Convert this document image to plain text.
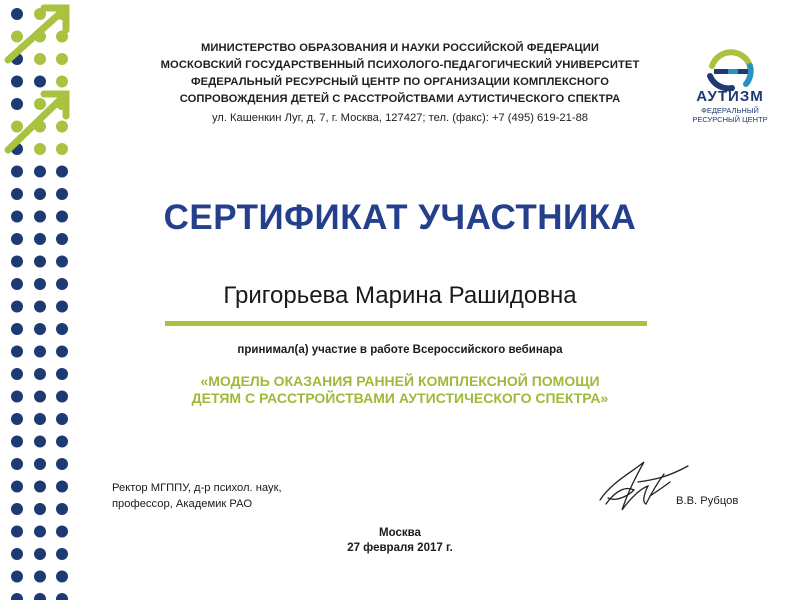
МИНИСТЕРСТВО ОБРАЗОВАНИЯ И НАУКИ РОССИЙСКОЙ ФЕДЕРАЦИИ
МОСКОВСКИЙ ГОСУДАРСТВЕННЫЙ ПСИХОЛОГО-ПЕДАГОГИЧЕСКИЙ УНИВЕРСИТЕТ
ФЕДЕРАЛЬНЫЙ РЕСУРСНЫЙ ЦЕНТР ПО ОРГАНИЗАЦИИ КОМПЛЕКСНОГО
СОПРОВОЖДЕНИЯ ДЕТЕЙ С РАССТРОЙСТВАМИ АУТИСТИЧЕСКОГО СПЕКТРА
ул. Кашенкин Луг, д. 7, г. Москва, 127427; тел. (факс): +7 (495) 619-21-88
АУТИЗМ
ФЕДЕРАЛЬНЫЙ
РЕСУРСНЫЙ ЦЕНТР
СЕРТИФИКАТ УЧАСТНИКА
Григорьева Марина Рашидовна
принимал(а) участие в работе Всероссийского вебинара
«МОДЕЛЬ ОКАЗАНИЯ РАННЕЙ КОМПЛЕКСНОЙ ПОМОЩИ
ДЕТЯМ С РАССТРОЙСТВАМИ АУТИСТИЧЕСКОГО СПЕКТРА»
Ректор МГППУ, д-р психол. наук,
профессор, Академик РАО	В.В. Рубцов
Москва
27 февраля 2017 г.
